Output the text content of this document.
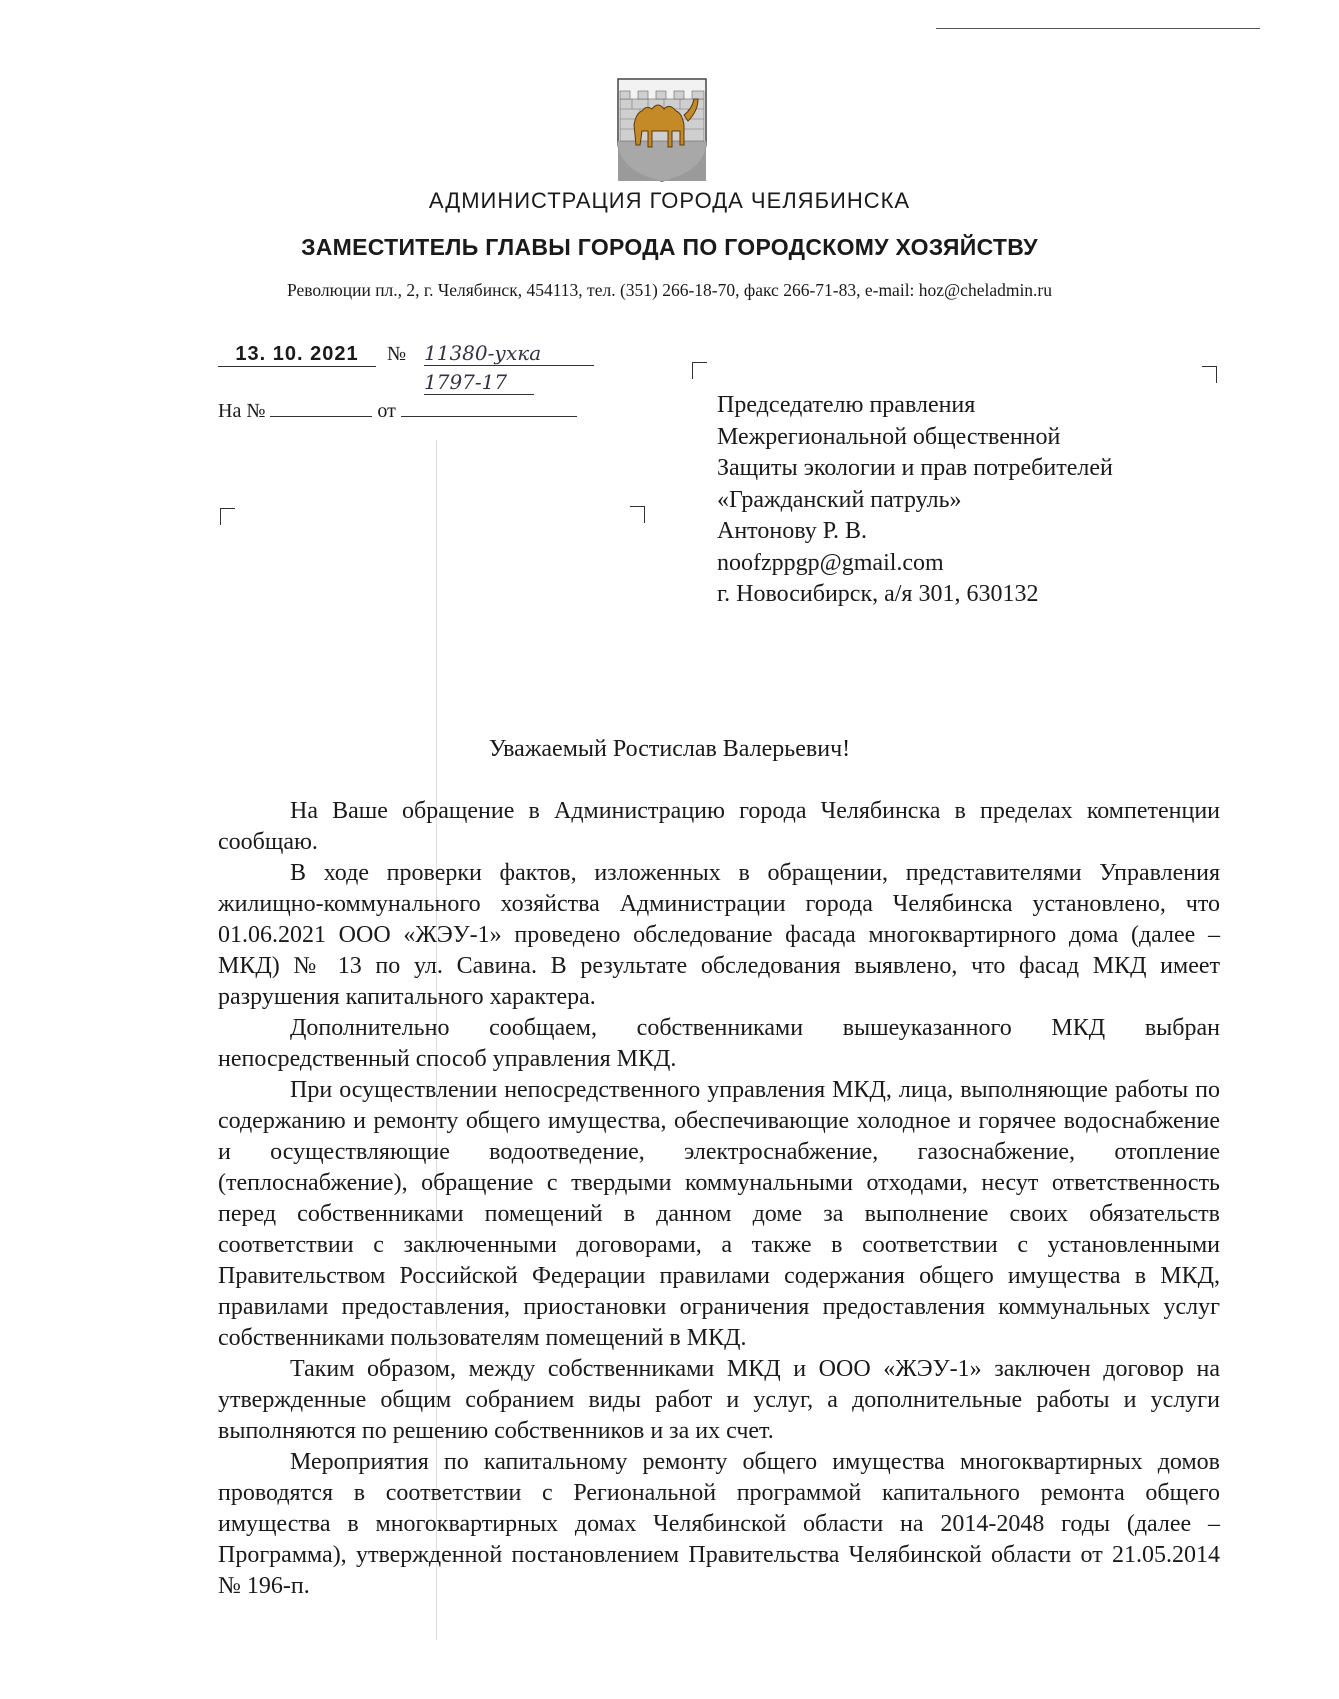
АДМИНИСТРАЦИЯ ГОРОДА ЧЕЛЯБИНСКА
ЗАМЕСТИТЕЛЬ ГЛАВЫ ГОРОДА ПО ГОРОДСКОМУ ХОЗЯЙСТВУ
Революции пл., 2, г. Челябинск, 454113, тел. (351) 266-18-70, факс 266-71-83, e-mail: hoz@cheladmin.ru
13. 10. 2021 № 11380-ухка
1797-17
На №	от	Председателю правления
Межрегиональной общественной
Защиты экологии и прав потребителей
«Гражданский патруль»
Антонову Р. В.
noofzppgp@gmail.com
г. Новосибирск, а/я 301, 630132
Уважаемый Ростислав Валерьевич!

На Ваше обращение в Администрацию города Челябинска в пределах компетенции сообщаю.

В ходе проверки фактов, изложенных в обращении, представителями Управления жилищно-коммунального хозяйства Администрации города Челябинска установлено, что 01.06.2021 ООО «ЖЭУ-1» проведено обследование фасада многоквартирного дома (далее – МКД) № 13 по ул. Савина. В результате обследования выявлено, что фасад МКД имеет разрушения капитального характера.

Дополнительно сообщаем, собственниками вышеуказанного МКД выбран непосредственный способ управления МКД.

При осуществлении непосредственного управления МКД, лица, выполняющие работы по содержанию и ремонту общего имущества, обеспечивающие холодное и горячее водоснабжение и осуществляющие водоотведение, электроснабжение, газоснабжение, отопление (теплоснабжение), обращение с твердыми коммунальными отходами, несут ответственность перед собственниками помещений в данном доме за выполнение своих обязательств соответствии с заключенными договорами, а также в соответствии с установленными Правительством Российской Федерации правилами содержания общего имущества в МКД, правилами предоставления, приостановки ограничения предоставления коммунальных услуг собственниками пользователям помещений в МКД.

Таким образом, между собственниками МКД и ООО «ЖЭУ-1» заключен договор на утвержденные общим собранием виды работ и услуг, а дополнительные работы и услуги выполняются по решению собственников и за их счет.

Мероприятия по капитальному ремонту общего имущества многоквартирных домов проводятся в соответствии с Региональной программой капитального ремонта общего имущества в многоквартирных домах Челябинской области на 2014-2048 годы (далее – Программа), утвержденной постановлением Правительства Челябинской области от 21.05.2014 № 196-п.
